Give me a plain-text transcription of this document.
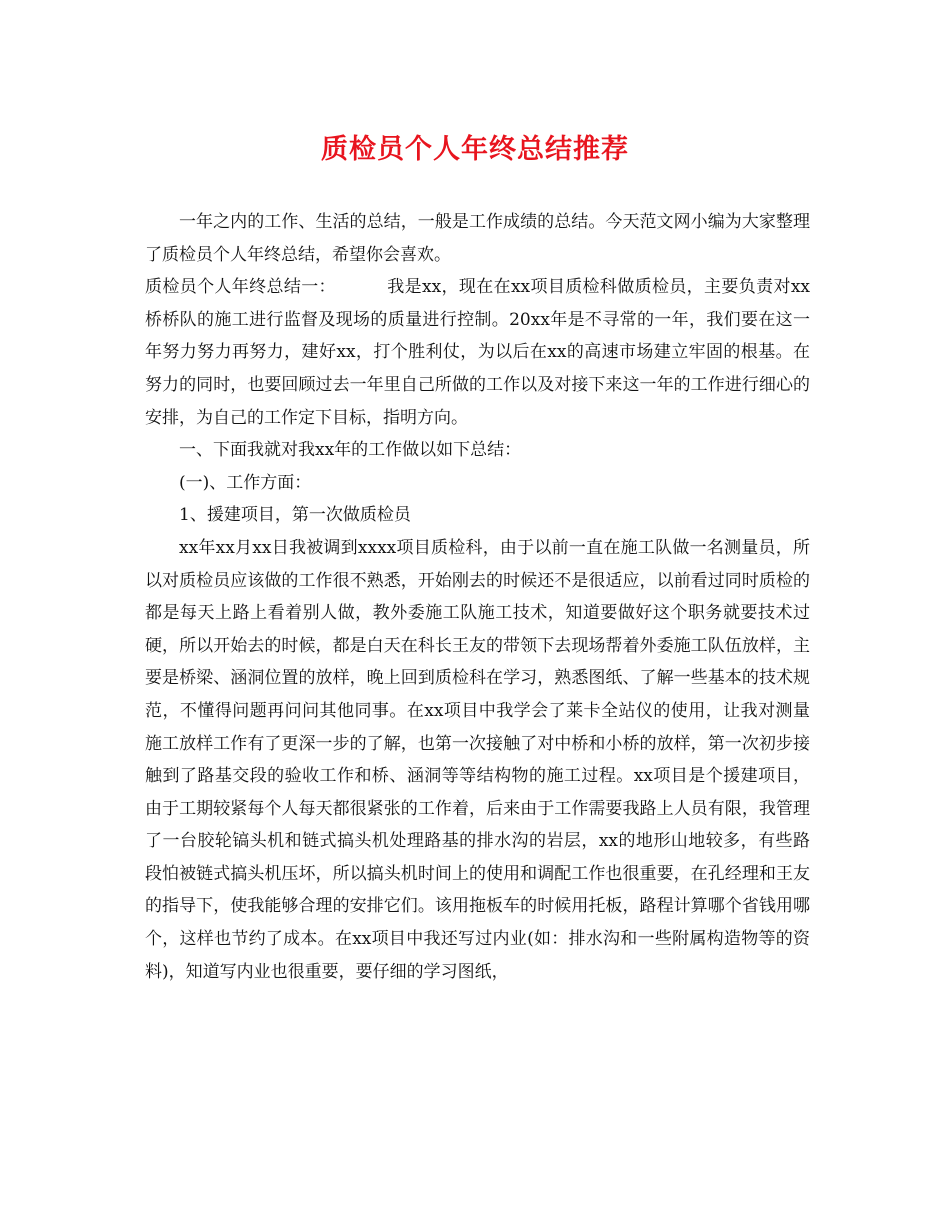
质检员个人年终总结推荐

一年之内的工作、生活的总结，一般是工作成绩的总结。今天范文网小编为大家整理了质检员个人年终总结，希望你会喜欢。

质检员个人年终总结一：	我是xx，现在在xx项目质检科做质检员，主要负责对xx桥桥队的施工进行监督及现场的质量进行控制。20xx年是不寻常的一年，我们要在这一年努力努力再努力，建好xx，打个胜利仗，为以后在xx的高速市场建立牢固的根基。在努力的同时，也要回顾过去一年里自己所做的工作以及对接下来这一年的工作进行细心的安排，为自己的工作定下目标，指明方向。

一、下面我就对我xx年的工作做以如下总结：

(一)、工作方面：

1、援建项目，第一次做质检员

xx年xx月xx日我被调到xxxx项目质检科，由于以前一直在施工队做一名测量员，所以对质检员应该做的工作很不熟悉，开始刚去的时候还不是很适应，以前看过同时质检的都是每天上路上看着别人做，教外委施工队施工技术，知道要做好这个职务就要技术过硬，所以开始去的时候，都是白天在科长王友的带领下去现场帮着外委施工队伍放样，主要是桥梁、涵洞位置的放样，晚上回到质检科在学习，熟悉图纸、了解一些基本的技术规范，不懂得问题再问问其他同事。在xx项目中我学会了莱卡全站仪的使用，让我对测量施工放样工作有了更深一步的了解，也第一次接触了对中桥和小桥的放样，第一次初步接触到了路基交段的验收工作和桥、涵洞等等结构物的施工过程。xx项目是个援建项目，由于工期较紧每个人每天都很紧张的工作着，后来由于工作需要我路上人员有限，我管理了一台胶轮镐头机和链式搞头机处理路基的排水沟的岩层，xx的地形山地较多，有些路段怕被链式搞头机压坏，所以搞头机时间上的使用和调配工作也很重要，在孔经理和王友的指导下，使我能够合理的安排它们。该用拖板车的时候用托板，路程计算哪个省钱用哪个，这样也节约了成本。在xx项目中我还写过内业(如：排水沟和一些附属构造物等的资料)，知道写内业也很重要，要仔细的学习图纸，
